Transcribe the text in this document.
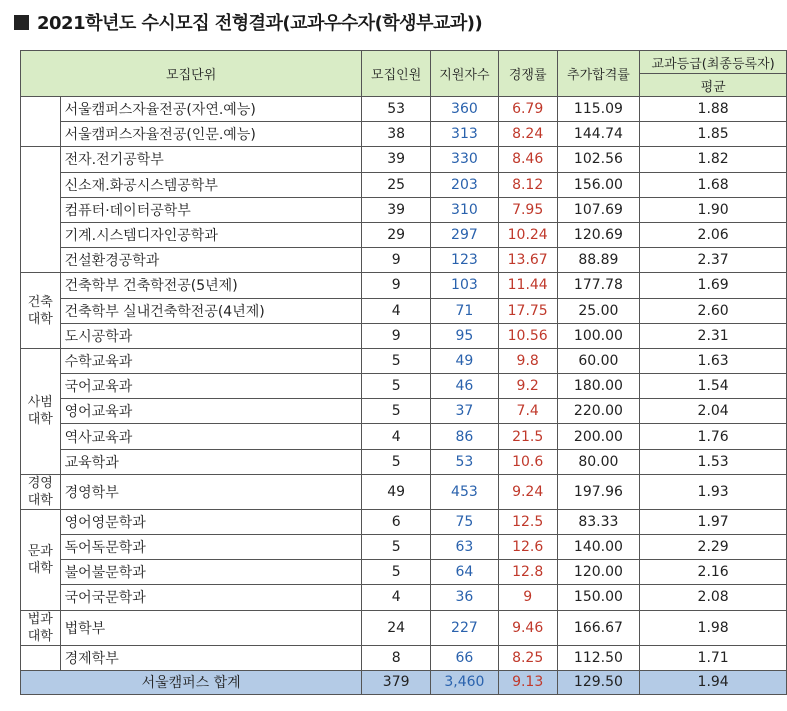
2021학년도 수시모집 전형결과(교과우수자(학생부교과))
모집단위		모집인원	지원자수	경쟁률	추가합격률	교과등급(최종등록자)
						평균
	서울캠퍼스자율전공(자연.예능)	53	360	6.79	115.09	1.88
	서울캠퍼스자율전공(인문.예능)	38	313	8.24	144.74	1.85
	전자.전기공학부	39	330	8.46	102.56	1.82
	신소재.화공시스템공학부	25	203	8.12	156.00	1.68
	컴퓨터·데이터공학부	39	310	7.95	107.69	1.90
	기계.시스템디자인공학과	29	297	10.24	120.69	2.06
	건설환경공학과	9	123	13.67	88.89	2.37
건축
대학	건축학부 건축학전공(5년제)	9	103	11.44	177.78	1.69
	건축학부 실내건축학전공(4년제)	4	71	17.75	25.00	2.60
	도시공학과	9	95	10.56	100.00	2.31
사범
대학	수학교육과	5	49	9.8	60.00	1.63
	국어교육과	5	46	9.2	180.00	1.54
	영어교육과	5	37	7.4	220.00	2.04
	역사교육과	4	86	21.5	200.00	1.76
	교육학과	5	53	10.6	80.00	1.53
경영
대학	경영학부	49	453	9.24	197.96	1.93
문과
대학	영어영문학과	6	75	12.5	83.33	1.97
	독어독문학과	5	63	12.6	140.00	2.29
	불어불문학과	5	64	12.8	120.00	2.16
	국어국문학과	4	36	9	150.00	2.08
법과
대학	법학부	24	227	9.46	166.67	1.98
	경제학부	8	66	8.25	112.50	1.71
서울캠퍼스 합계		379	3,460	9.13	129.50	1.94
